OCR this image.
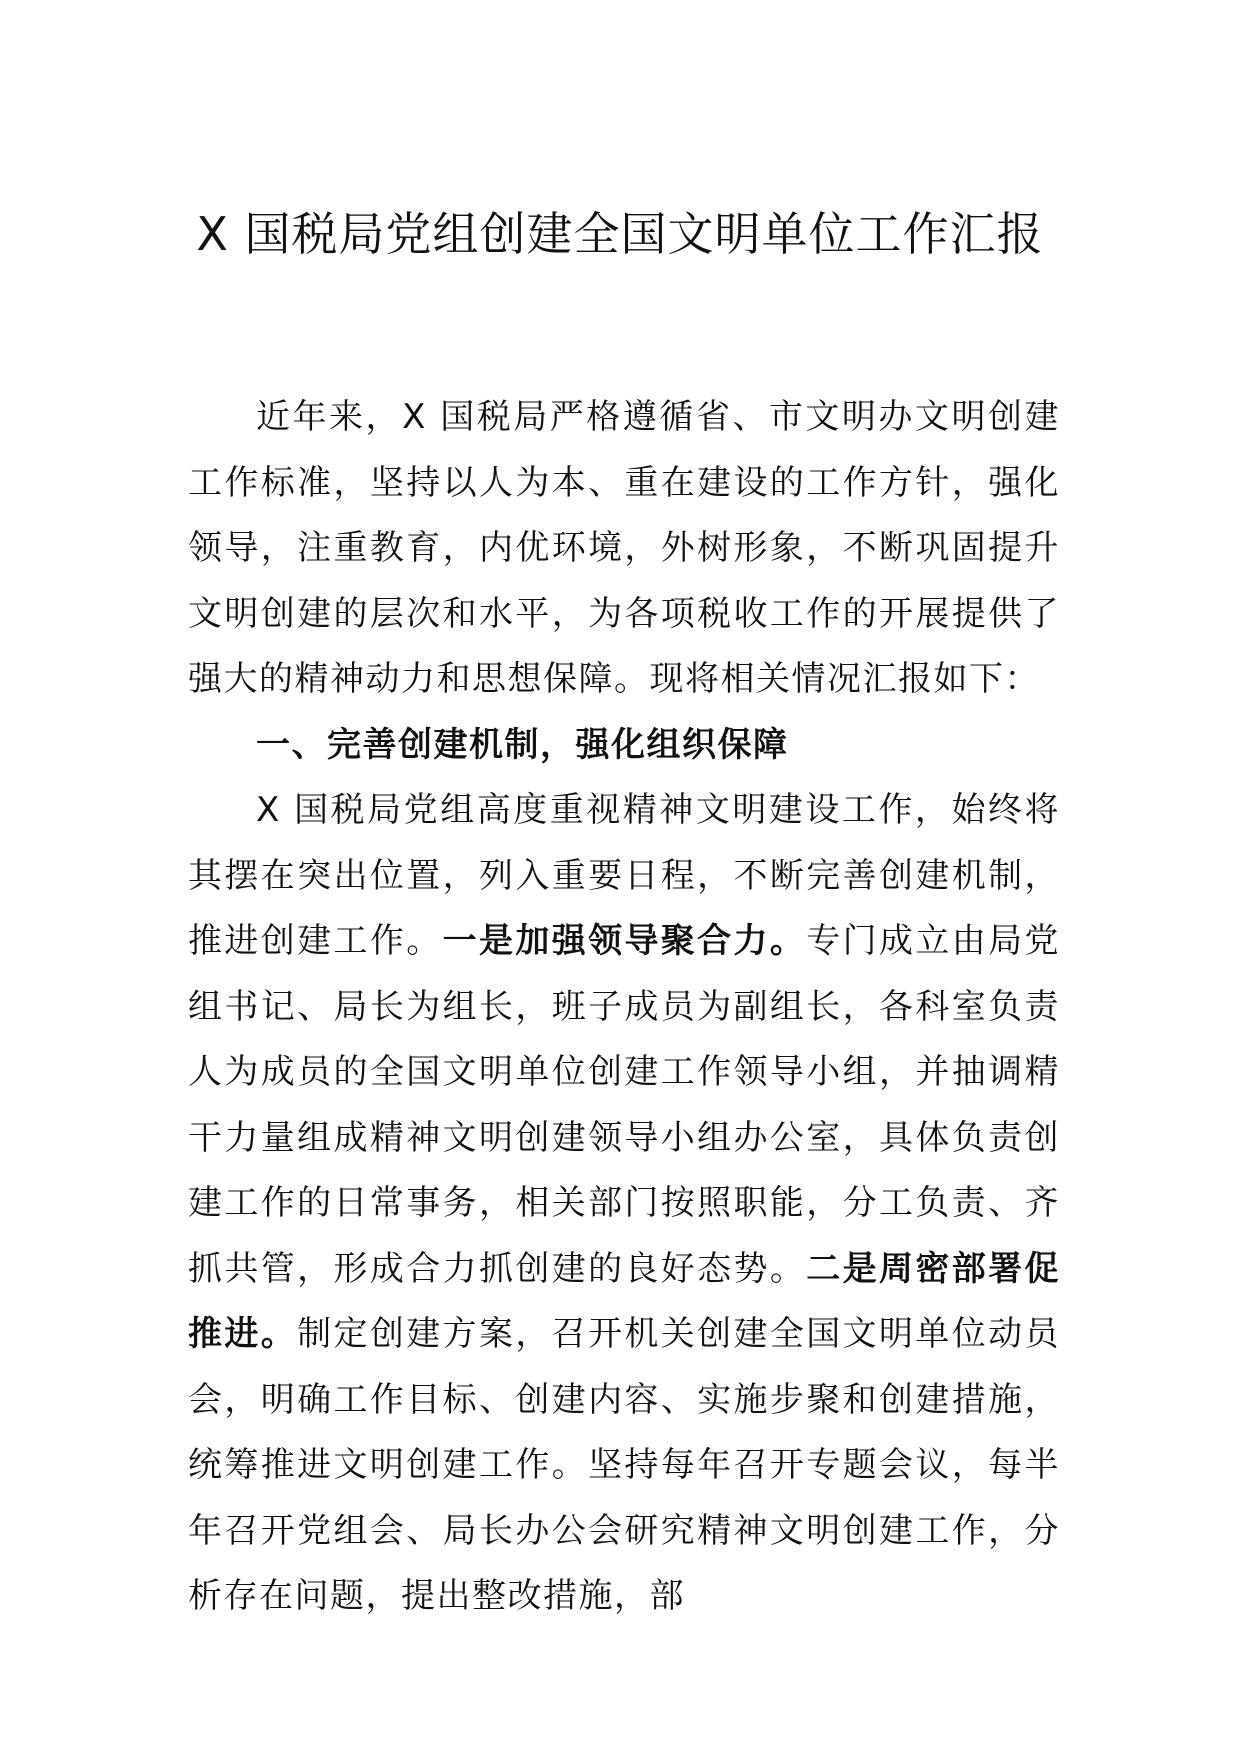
X 国税局党组创建全国文明单位工作汇报

近年来，X 国税局严格遵循省、市文明办文明创建工作标准，坚持以人为本、重在建设的工作方针，强化领导，注重教育，内优环境，外树形象，不断巩固提升文明创建的层次和水平，为各项税收工作的开展提供了强大的精神动力和思想保障。现将相关情况汇报如下：

一、完善创建机制，强化组织保障

X 国税局党组高度重视精神文明建设工作，始终将其摆在突出位置，列入重要日程，不断完善创建机制，推进创建工作。一是加强领导聚合力。专门成立由局党组书记、局长为组长，班子成员为副组长，各科室负责人为成员的全国文明单位创建工作领导小组，并抽调精干力量组成精神文明创建领导小组办公室，具体负责创建工作的日常事务，相关部门按照职能，分工负责、齐抓共管，形成合力抓创建的良好态势。二是周密部署促推进。制定创建方案，召开机关创建全国文明单位动员会，明确工作目标、创建内容、实施步聚和创建措施，统筹推进文明创建工作。坚持每年召开专题会议，每半年召开党组会、局长办公会研究精神文明创建工作，分析存在问题，提出整改措施，部
